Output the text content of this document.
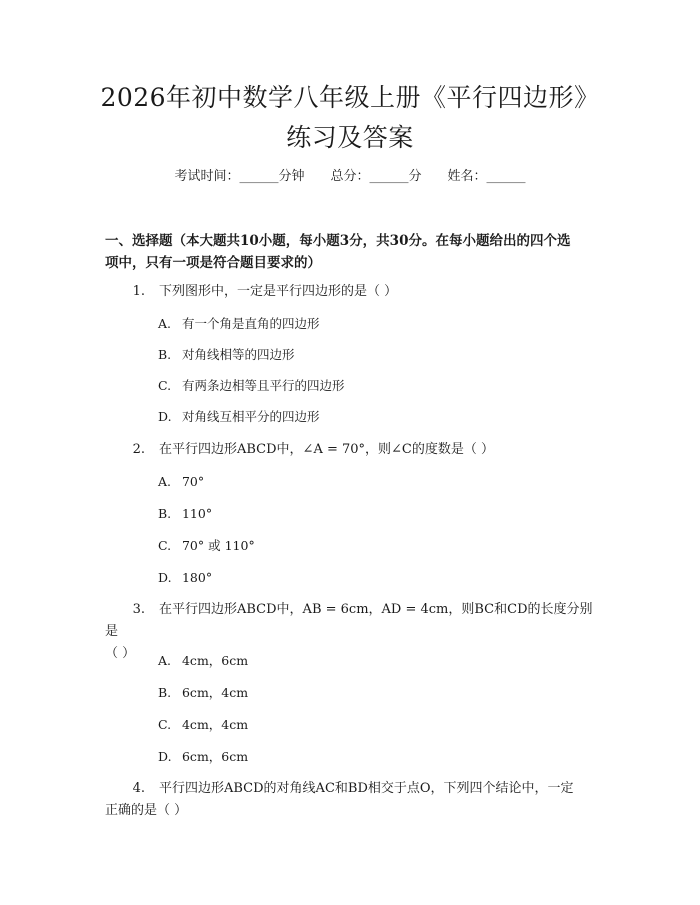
2026年初中数学八年级上册《平行四边形》
练习及答案
考试时间：______分钟 总分：______分 姓名：______
一、选择题（本大题共10小题，每小题3分，共30分。在每小题给出的四个选
项中，只有一项是符合题目要求的）
1. 下列图形中，一定是平行四边形的是（ ）
A. 有一个角是直角的四边形
B. 对角线相等的四边形
C. 有两条边相等且平行的四边形
D. 对角线互相平分的四边形
2. 在平行四边形ABCD中，∠A = 70°，则∠C的度数是（ ）
A. 70°
B. 110°
C. 70° 或 110°
D. 180°
3. 在平行四边形ABCD中，AB = 6cm，AD = 4cm，则BC和CD的长度分别是
（ ）	A. 4cm，6cm
B. 6cm，4cm
C. 4cm，4cm
D. 6cm，6cm
4. 平行四边形ABCD的对角线AC和BD相交于点O，下列四个结论中，一定
正确的是（ ）
